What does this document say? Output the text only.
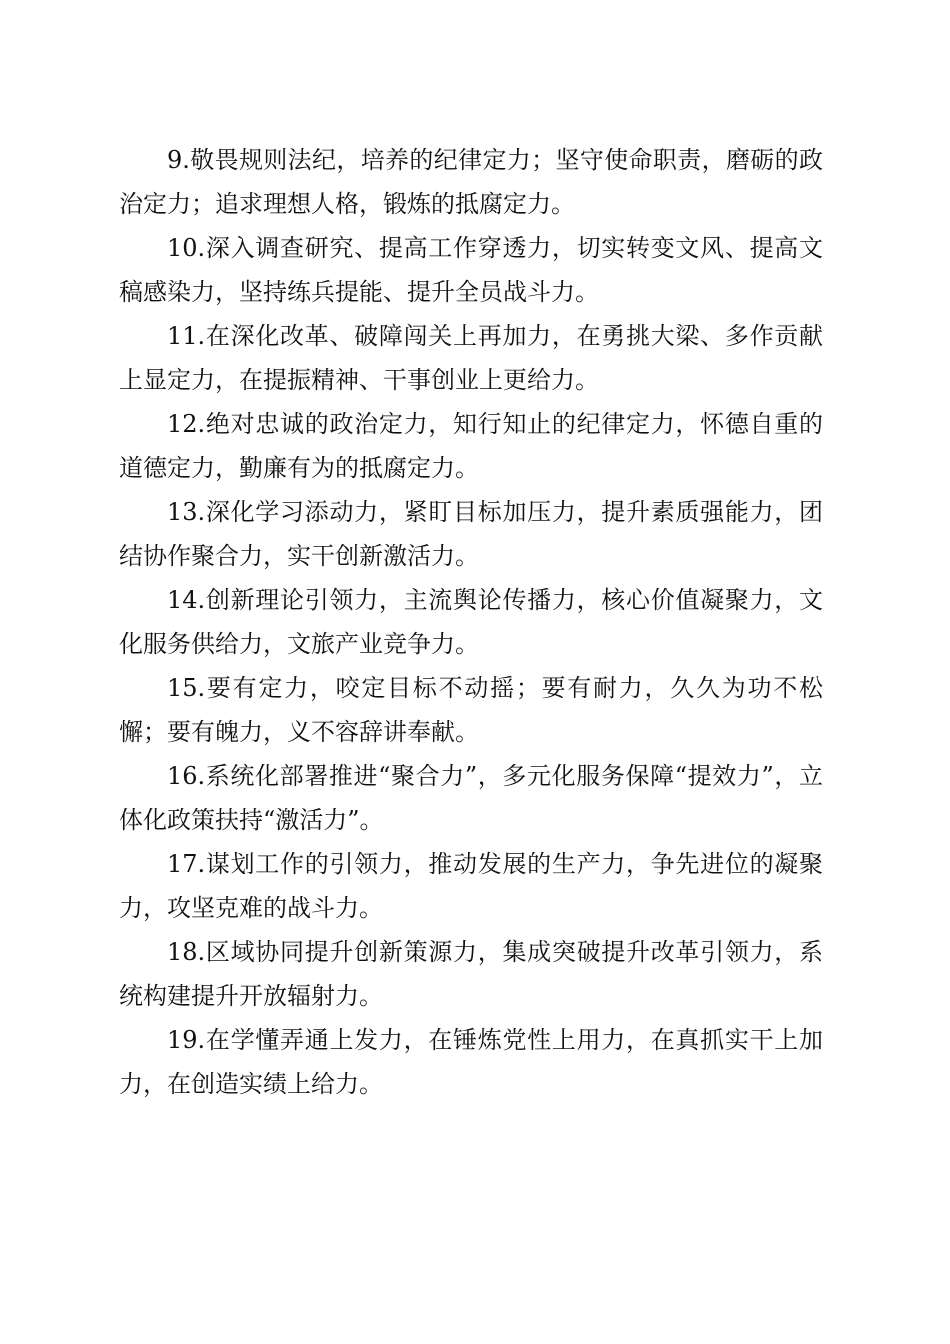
9.敬畏规则法纪，培养的纪律定力；坚守使命职责，磨砺的政治定力；追求理想人格，锻炼的抵腐定力。

10.深入调查研究、提高工作穿透力，切实转变文风、提高文稿感染力，坚持练兵提能、提升全员战斗力。

11.在深化改革、破障闯关上再加力，在勇挑大梁、多作贡献上显定力，在提振精神、干事创业上更给力。

12.绝对忠诚的政治定力，知行知止的纪律定力，怀德自重的道德定力，勤廉有为的抵腐定力。

13.深化学习添动力，紧盯目标加压力，提升素质强能力，团结协作聚合力，实干创新激活力。

14.创新理论引领力，主流舆论传播力，核心价值凝聚力，文化服务供给力，文旅产业竞争力。

15.要有定力，咬定目标不动摇；要有耐力，久久为功不松懈；要有魄力，义不容辞讲奉献。

16.系统化部署推进“聚合力”，多元化服务保障“提效力”，立体化政策扶持“激活力”。

17.谋划工作的引领力，推动发展的生产力，争先进位的凝聚力，攻坚克难的战斗力。

18.区域协同提升创新策源力，集成突破提升改革引领力，系统构建提升开放辐射力。

19.在学懂弄通上发力，在锤炼党性上用力，在真抓实干上加力，在创造实绩上给力。
